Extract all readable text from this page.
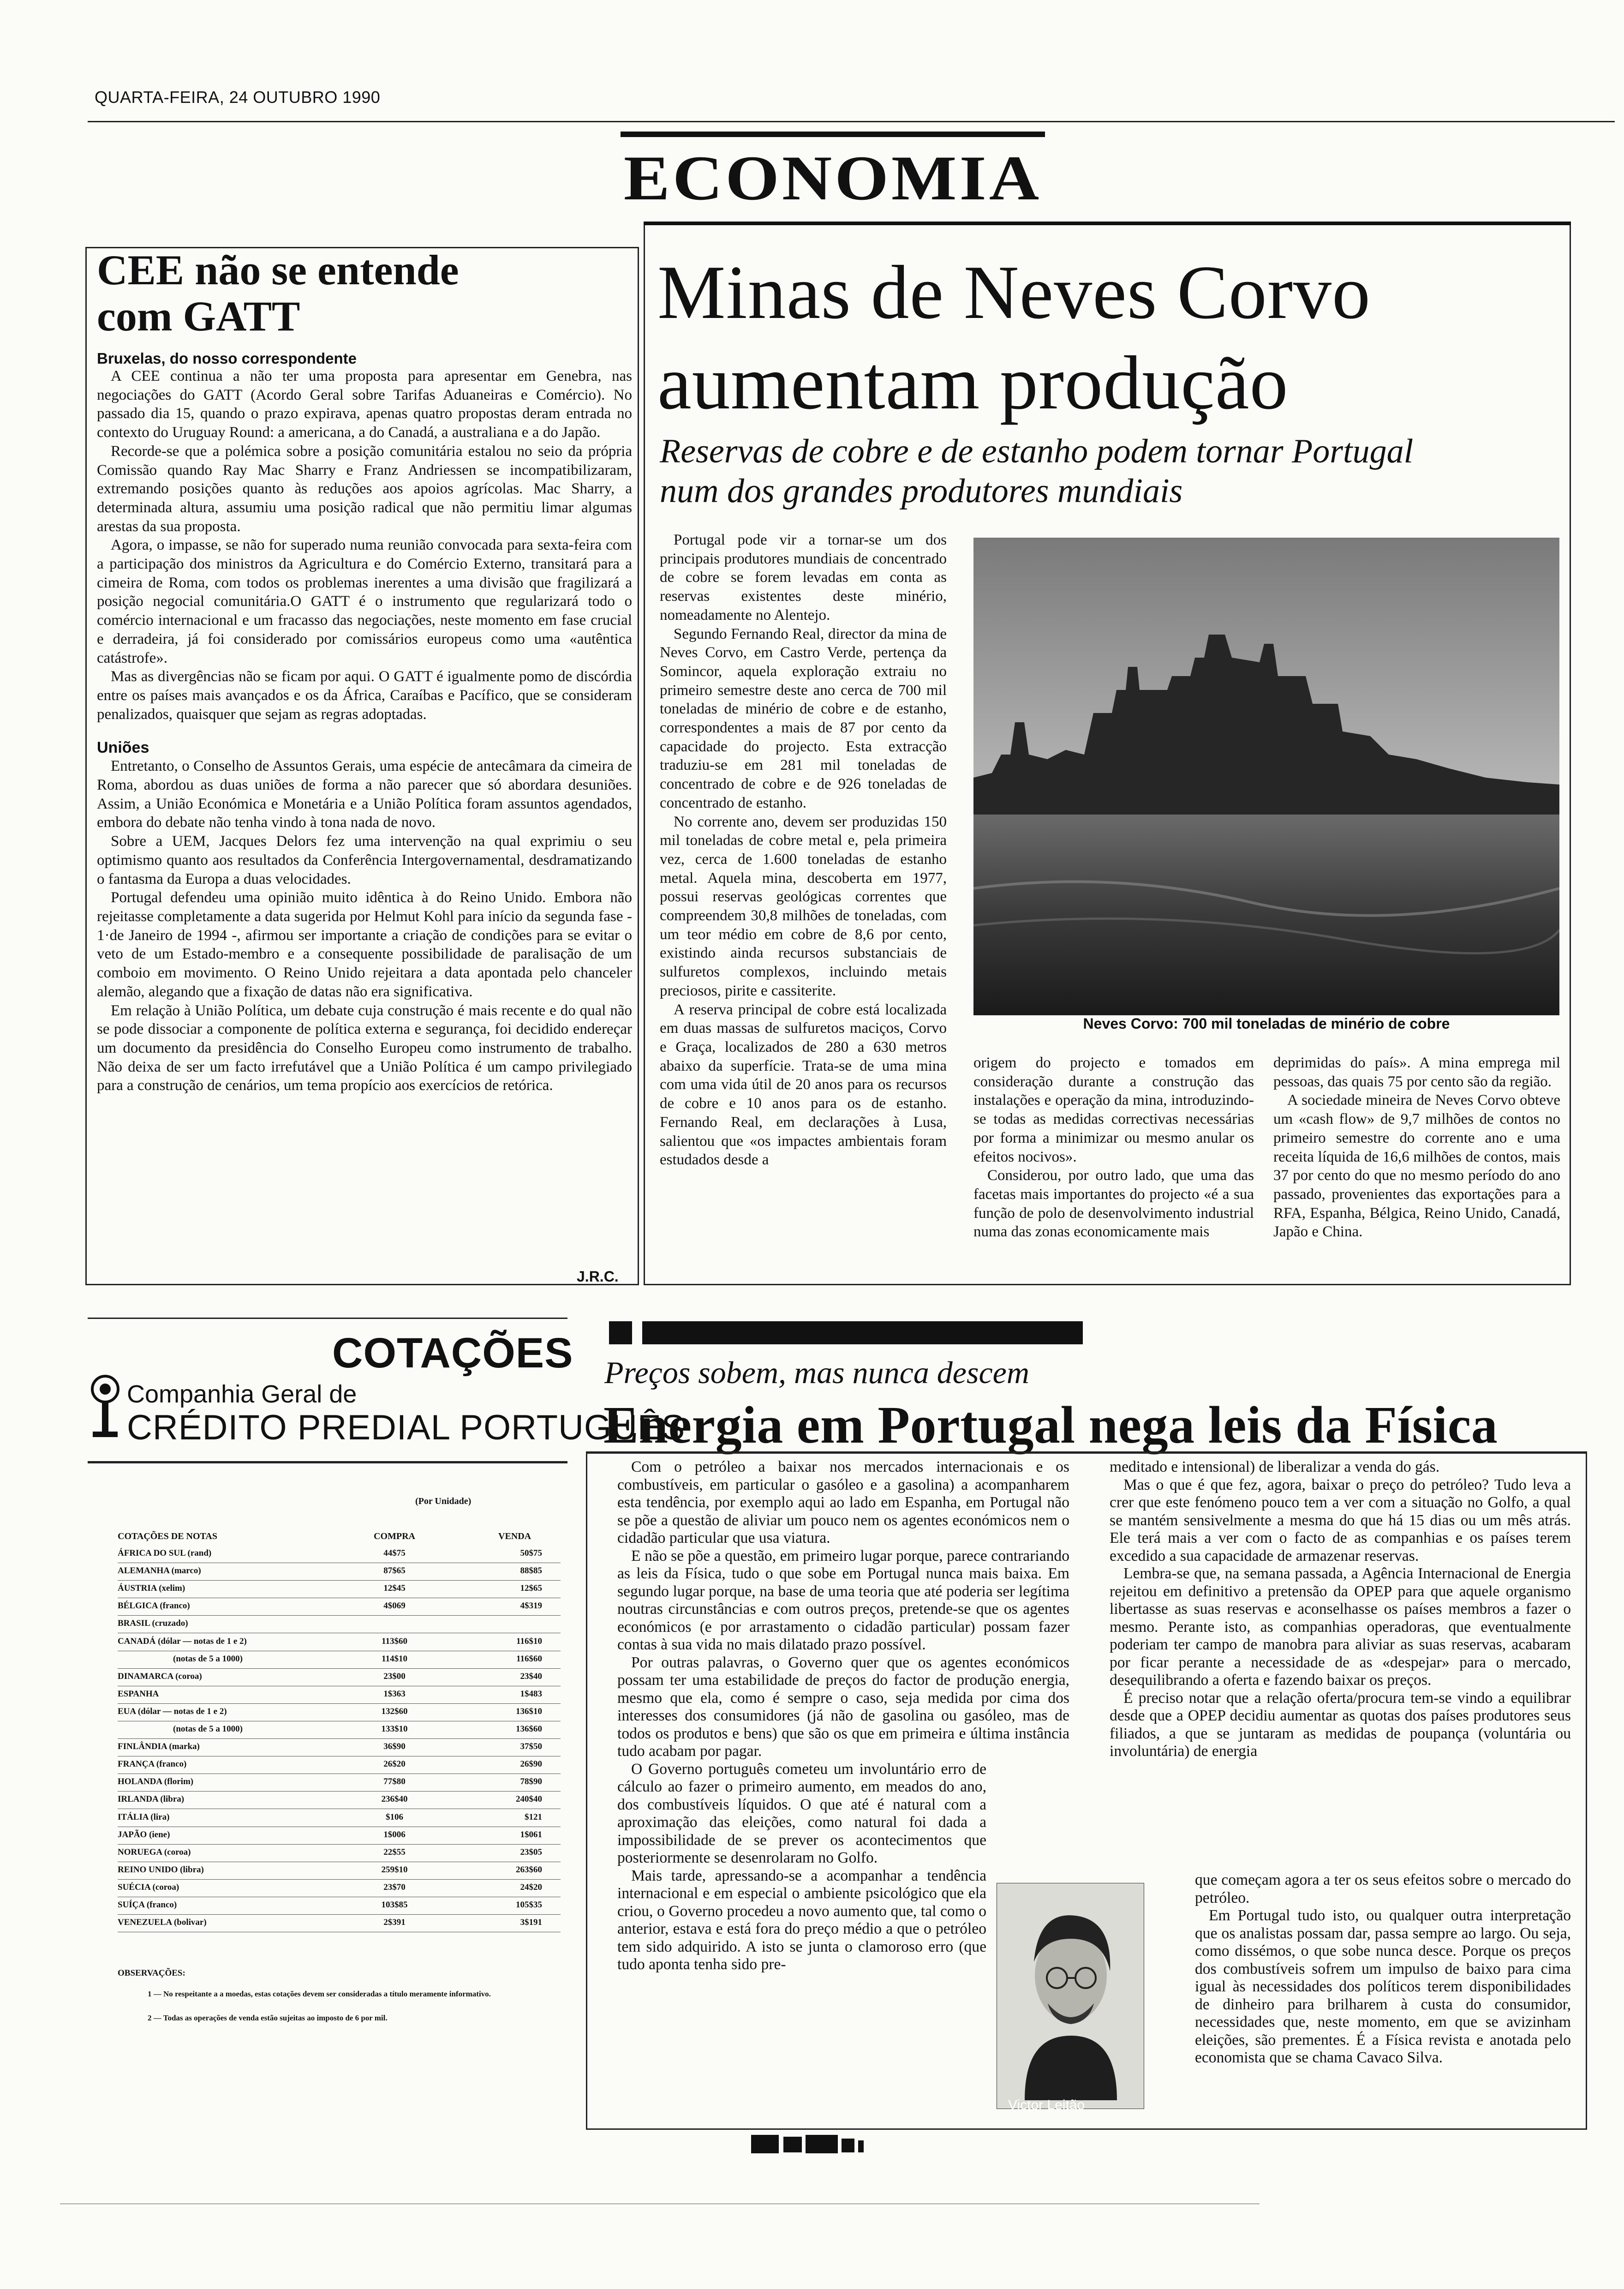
QUARTA-FEIRA, 24 OUTUBRO 1990
ECONOMIA
CEE não se entende
com GATT
Bruxelas, do nosso correspondente

A CEE continua a não ter uma proposta para apresentar em Genebra, nas negociações do GATT (Acordo Geral sobre Tarifas Aduaneiras e Comércio). No passado dia 15, quando o prazo expirava, apenas quatro propostas deram entrada no contexto do Uruguay Round: a americana, a do Canadá, a australiana e a do Japão.

Recorde-se que a polémica sobre a posição comunitária estalou no seio da própria Comissão quando Ray Mac Sharry e Franz Andriessen se incompatibilizaram, extremando posições quanto às reduções aos apoios agrícolas. Mac Sharry, a determinada altura, assumiu uma posição radical que não permitiu limar algumas arestas da sua proposta.

Agora, o impasse, se não for superado numa reunião convocada para sexta-feira com a participação dos ministros da Agricultura e do Comércio Externo, transitará para a cimeira de Roma, com todos os problemas inerentes a uma divisão que fragilizará a posição negocial comunitária.O GATT é o instrumento que regularizará todo o comércio internacional e um fracasso das negociações, neste momento em fase crucial e derradeira, já foi considerado por comissários europeus como uma «autêntica catástrofe».

Mas as divergências não se ficam por aqui. O GATT é igualmente pomo de discórdia entre os países mais avançados e os da África, Caraíbas e Pacífico, que se consideram penalizados, quaisquer que sejam as regras adoptadas.

Uniões

Entretanto, o Conselho de Assuntos Gerais, uma espécie de antecâmara da cimeira de Roma, abordou as duas uniões de forma a não parecer que só abordara desuniões. Assim, a União Económica e Monetária e a União Política foram assuntos agendados, embora do debate não tenha vindo à tona nada de novo.

Sobre a UEM, Jacques Delors fez uma intervenção na qual exprimiu o seu optimismo quanto aos resultados da Conferência Intergovernamental, desdramatizando o fantasma da Europa a duas velocidades.

Portugal defendeu uma opinião muito idêntica à do Reino Unido. Embora não rejeitasse completamente a data sugerida por Helmut Kohl para início da segunda fase - 1·de Janeiro de 1994 -, afirmou ser importante a criação de condições para se evitar o veto de um Estado-membro e a consequente possibilidade de paralisação de um comboio em movimento. O Reino Unido rejeitara a data apontada pelo chanceler alemão, alegando que a fixação de datas não era significativa.

Em relação à União Política, um debate cuja construção é mais recente e do qual não se pode dissociar a componente de política externa e segurança, foi decidido endereçar um documento da presidência do Conselho Europeu como instrumento de trabalho. Não deixa de ser um facto irrefutável que a União Política é um campo privilegiado para a construção de cenários, um tema propício aos exercícios de retórica.

J.R.C.
Minas de Neves Corvo
aumentam produção
Reservas de cobre e de estanho podem tornar Portugal
num dos grandes produtores mundiais

Portugal pode vir a tornar-se um dos principais produtores mundiais de concentrado de cobre se forem levadas em conta as reservas existentes deste minério, nomeadamente no Alentejo.

Segundo Fernando Real, director da mina de Neves Corvo, em Castro Verde, pertença da Somincor, aquela exploração extraiu no primeiro semestre deste ano cerca de 700 mil toneladas de minério de cobre e de estanho, correspondentes a mais de 87 por cento da capacidade do projecto. Esta extracção traduziu-se em 281 mil toneladas de concentrado de cobre e de 926 toneladas de concentrado de estanho.

No corrente ano, devem ser produzidas 150 mil toneladas de cobre metal e, pela primeira vez, cerca de 1.600 toneladas de estanho metal. Aquela mina, descoberta em 1977, possui reservas geológicas correntes que compreendem 30,8 milhões de toneladas, com um teor médio em cobre de 8,6 por cento, existindo ainda recursos substanciais de sulfuretos complexos, incluindo metais preciosos, pirite e cassiterite.

A reserva principal de cobre está localizada em duas massas de sulfuretos maciços, Corvo e Graça, localizados de 280 a 630 metros abaixo da superfície. Trata-se de uma mina com uma vida útil de 20 anos para os recursos de cobre e 10 anos para os de estanho. Fernando Real, em declarações à Lusa, salientou que «os impactes ambientais foram estudados desde a

Neves Corvo: 700 mil toneladas de minério de cobre

origem do projecto e tomados em consideração durante a construção das instalações e operação da mina, introduzindo-se todas as medidas correctivas necessárias por forma a minimizar ou mesmo anular os efeitos nocivos».

Considerou, por outro lado, que uma das facetas mais importantes do projecto «é a sua função de polo de desenvolvimento industrial numa das zonas economicamente mais

deprimidas do país». A mina emprega mil pessoas, das quais 75 por cento são da região.

A sociedade mineira de Neves Corvo obteve um «cash flow» de 9,7 milhões de contos no primeiro semestre do corrente ano e uma receita líquida de 16,6 milhões de contos, mais 37 por cento do que no mesmo período do ano passado, provenientes das exportações para a RFA, Espanha, Bélgica, Reino Unido, Canadá, Japão e China.

COTAÇÕES
Companhia Geral de
CRÉDITO PREDIAL PORTUGUÊS
(Por Unidade)
COTAÇÕES DE NOTAS	COMPRA	VENDA
ÁFRICA DO SUL (rand)	44$75	50$75
ALEMANHA (marco)	87$65	88$85
ÁUSTRIA (xelim)	12$45	12$65
BÉLGICA (franco)	4$069	4$319
BRASIL (cruzado)
CANADÁ (dólar — notas de 1 e 2)	113$60	116$10
(notas de 5 a 1000)	114$10	116$60
DINAMARCA (coroa)	23$00	23$40
ESPANHA	1$363	1$483
EUA (dólar — notas de 1 e 2)	132$60	136$10
(notas de 5 a 1000)	133$10	136$60
FINLÂNDIA (marka)	36$90	37$50
FRANÇA (franco)	26$20	26$90
HOLANDA (florim)	77$80	78$90
IRLANDA (libra)	236$40	240$40
ITÁLIA (lira)	$106	$121
JAPÃO (iene)	1$006	1$061
NORUEGA (coroa)	22$55	23$05
REINO UNIDO (libra)	259$10	263$60
SUÉCIA (coroa)	23$70	24$20
SUÍÇA (franco)	103$85	105$35
VENEZUELA (bolivar)	2$391	3$191
OBSERVAÇÕES:
1 — No respeitante a a moedas, estas cotações devem ser consideradas a título meramente informativo.
2 — Todas as operações de venda estão sujeitas ao imposto de 6 por mil.
Preços sobem, mas nunca descem
Energia em Portugal nega leis da Física

Com o petróleo a baixar nos mercados internacionais e os combustíveis, em particular o gasóleo e a gasolina) a acompanharem esta tendência, por exemplo aqui ao lado em Espanha, em Portugal não se põe a questão de aliviar um pouco nem os agentes económicos nem o cidadão particular que usa viatura.

E não se põe a questão, em primeiro lugar porque, parece contrariando as leis da Física, tudo o que sobe em Portugal nunca mais baixa. Em segundo lugar porque, na base de uma teoria que até poderia ser legítima noutras circunstâncias e com outros preços, pretende-se que os agentes económicos (e por arrastamento o cidadão particular) possam fazer contas à sua vida no mais dilatado prazo possível.

Por outras palavras, o Governo quer que os agentes económicos possam ter uma estabilidade de preços do factor de produção energia, mesmo que ela, como é sempre o caso, seja medida por cima dos interesses dos consumidores (já não de gasolina ou gasóleo, mas de todos os produtos e bens) que são os que em primeira e última instância tudo acabam por pagar.

O Governo português cometeu um involuntário erro de cálculo ao fazer o primeiro aumento, em meados do ano, dos combustíveis líquidos. O que até é natural com a aproximação das eleições, como natural foi dada a impossibilidade de se prever os acontecimentos que posteriormente se desenrolaram no Golfo.

Mais tarde, apressando-se a acompanhar a tendência internacional e em especial o ambiente psicológico que ela criou, o Governo procedeu a novo aumento que, tal como o anterior, estava e está fora do preço médio a que o petróleo tem sido adquirido. A isto se junta o clamoroso erro (que tudo aponta tenha sido pre-

meditado e intensional) de liberalizar a venda do gás.

Mas o que é que fez, agora, baixar o preço do petróleo? Tudo leva a crer que este fenómeno pouco tem a ver com a situação no Golfo, a qual se mantém sensivelmente a mesma do que há 15 dias ou um mês atrás. Ele terá mais a ver com o facto de as companhias e os países terem excedido a sua capacidade de armazenar reservas.

Lembra-se que, na semana passada, a Agência Internacional de Energia rejeitou em definitivo a pretensão da OPEP para que aquele organismo libertasse as suas reservas e aconselhasse os países membros a fazer o mesmo. Perante isto, as companhias operadoras, que eventualmente poderiam ter campo de manobra para aliviar as suas reservas, acabaram por ficar perante a necessidade de as «despejar» para o mercado, desequilibrando a oferta e fazendo baixar os preços.

É preciso notar que a relação oferta/procura tem-se vindo a equilibrar desde que a OPEP decidiu aumentar as quotas dos países produtores seus filiados, a que se juntaram as medidas de poupança (voluntária ou involuntária) de energia

que começam agora a ter os seus efeitos sobre o mercado do petróleo.

Em Portugal tudo isto, ou qualquer outra interpretação que os analistas possam dar, passa sempre ao largo. Ou seja, como dissémos, o que sobe nunca desce. Porque os preços dos combustíveis sofrem um impulso de baixo para cima igual às necessidades dos políticos terem disponibilidades de dinheiro para brilharem à custa do consumidor, necessidades que, neste momento, em que se avizinham eleições, são prementes. É a Física revista e anotada pelo economista que se chama Cavaco Silva.

Victor Leitão
